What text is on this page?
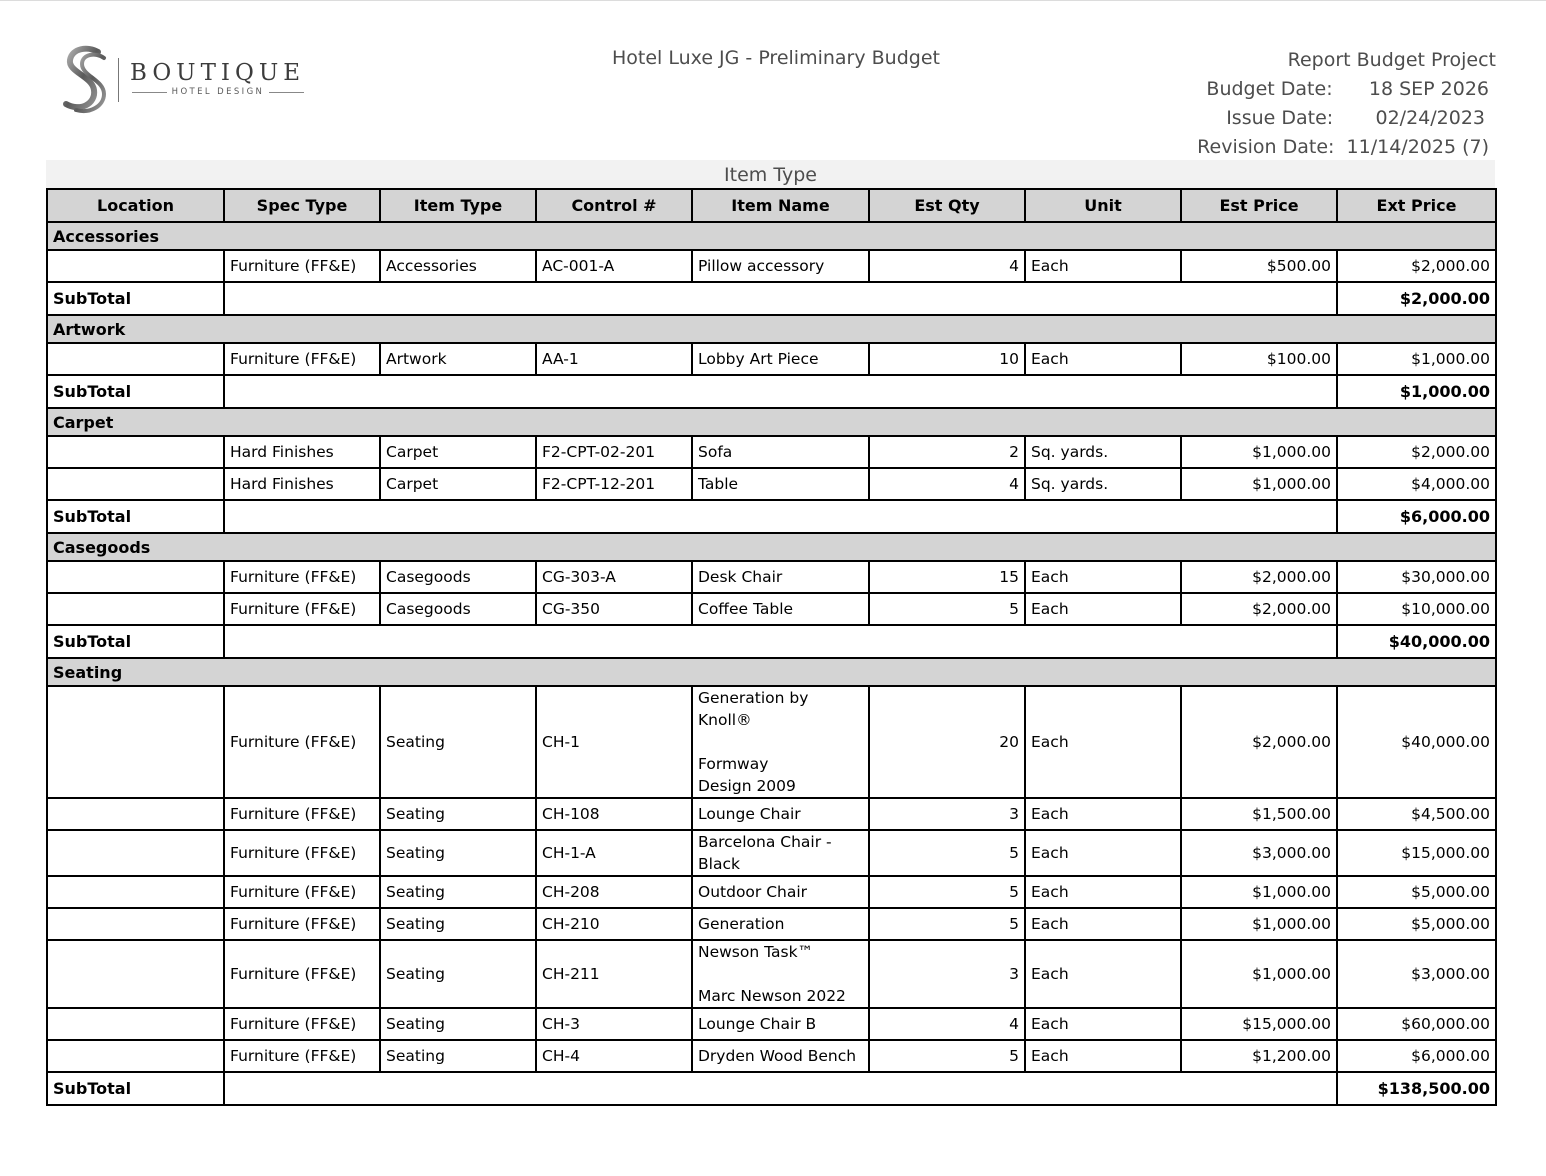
BOUTIQUE
HOTEL DESIGN
Hotel Luxe JG - Preliminary Budget	Report Budget Project
Budget Date: 18 SEP 2026
Issue Date: 02/24/2023
Revision Date: 11/14/2025 (7)
Item Type
Location	Spec Type	Item Type	Control #	Item Name	Est Qty	Unit	Est Price	Ext Price
Accessories								
	Furniture (FF&E)	Accessories	AC-001-A	Pillow accessory	4	Each	$500.00	$2,000.00
SubTotal								$2,000.00
Artwork								
	Furniture (FF&E)	Artwork	AA-1	Lobby Art Piece	10	Each	$100.00	$1,000.00
SubTotal								$1,000.00
Carpet								
	Hard Finishes	Carpet	F2-CPT-02-201	Sofa	2	Sq. yards.	$1,000.00	$2,000.00
	Hard Finishes	Carpet	F2-CPT-12-201	Table	4	Sq. yards.	$1,000.00	$4,000.00
SubTotal								$6,000.00
Casegoods								
	Furniture (FF&E)	Casegoods	CG-303-A	Desk Chair	15	Each	$2,000.00	$30,000.00
	Furniture (FF&E)	Casegoods	CG-350	Coffee Table	5	Each	$2,000.00	$10,000.00
SubTotal								$40,000.00
Seating								
	Furniture (FF&E)	Seating	CH-1	Generation by
Knoll®

Formway
Design 2009	20	Each	$2,000.00	$40,000.00
	Furniture (FF&E)	Seating	CH-108	Lounge Chair	3	Each	$1,500.00	$4,500.00
	Furniture (FF&E)	Seating	CH-1-A	Barcelona Chair -
Black	5	Each	$3,000.00	$15,000.00
	Furniture (FF&E)	Seating	CH-208	Outdoor Chair	5	Each	$1,000.00	$5,000.00
	Furniture (FF&E)	Seating	CH-210	Generation	5	Each	$1,000.00	$5,000.00
	Furniture (FF&E)	Seating	CH-211	Newson Task™

Marc Newson 2022	3	Each	$1,000.00	$3,000.00
	Furniture (FF&E)	Seating	CH-3	Lounge Chair B	4	Each	$15,000.00	$60,000.00
	Furniture (FF&E)	Seating	CH-4	Dryden Wood Bench	5	Each	$1,200.00	$6,000.00
SubTotal								$138,500.00
